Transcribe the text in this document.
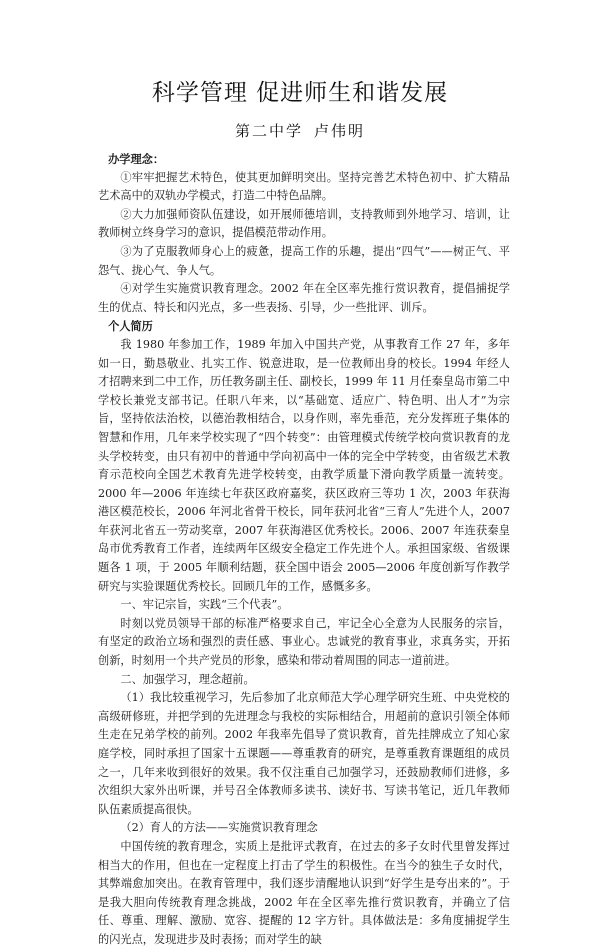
科学管理 促进师生和谐发展
第二中学 卢伟明

办学理念：

①牢牢把握艺术特色，使其更加鲜明突出。坚持完善艺术特色初中、扩大精品艺术高中的双轨办学模式，打造二中特色品牌。

②大力加强师资队伍建设，如开展师德培训，支持教师到外地学习、培训，让教师树立终身学习的意识，提倡模范带动作用。

③为了克服教师身心上的疲惫，提高工作的乐趣，提出“四气”——树正气、平怨气、拢心气、争人气。

④对学生实施赏识教育理念。2002 年在全区率先推行赏识教育，提倡捕捉学生的优点、特长和闪光点，多一些表扬、引导，少一些批评、训斥。

个人简历

我 1980 年参加工作，1989 年加入中国共产党，从事教育工作 27 年，多年如一日，勤恳敬业、扎实工作、锐意进取，是一位教师出身的校长。1994 年经人才招聘来到二中工作，历任教务副主任、副校长，1999 年 11 月任秦皇岛市第二中学校长兼党支部书记。任职八年来，以“基础宽、适应广、特色明、出人才”为宗旨，坚持依法治校，以德治教相结合，以身作则，率先垂范，充分发挥班子集体的智慧和作用，几年来学校实现了“四个转变”：由管理模式传统学校向赏识教育的龙头学校转变，由只有初中的普通中学向初高中一体的完全中学转变，由省级艺术教育示范校向全国艺术教育先进学校转变，由教学质量下滑向教学质量一流转变。2000 年—2006 年连续七年获区政府嘉奖，获区政府三等功 1 次，2003 年获海港区模范校长，2006 年河北省骨干校长，同年获河北省“三育人”先进个人，2007 年获河北省五一劳动奖章，2007 年获海港区优秀校长。2006、2007 年连获秦皇岛市优秀教育工作者，连续两年区级安全稳定工作先进个人。承担国家级、省级课题各 1 项，于 2005 年顺利结题，获全国中语会 2005—2006 年度创新写作教学研究与实验课题优秀校长。回顾几年的工作，感慨多多。

一、牢记宗旨，实践“三个代表”。

时刻以党员领导干部的标准严格要求自己，牢记全心全意为人民服务的宗旨，有坚定的政治立场和强烈的责任感、事业心。忠诚党的教育事业，求真务实，开拓创新，时刻用一个共产党员的形象，感染和带动着周围的同志一道前进。

二、加强学习，理念超前。

（1）我比较重视学习，先后参加了北京师范大学心理学研究生班、中央党校的高级研修班，并把学到的先进理念与我校的实际相结合，用超前的意识引领全体师生走在兄弟学校的前列。2002 年我率先倡导了赏识教育，首先挂牌成立了知心家庭学校，同时承担了国家十五课题——尊重教育的研究，是尊重教育课题组的成员之一，几年来收到很好的效果。我不仅注重自己加强学习，还鼓励教师们进修，多次组织大家外出听课，并号召全体教师多读书、读好书、写读书笔记，近几年教师队伍素质提高很快。

（2）育人的方法——实施赏识教育理念

中国传统的教育理念，实质上是批评式教育，在过去的多子女时代里曾发挥过相当大的作用，但也在一定程度上打击了学生的积极性。在当今的独生子女时代，其弊端愈加突出。在教育管理中，我们逐步清醒地认识到“好学生是夸出来的”。于是我大胆向传统教育理念挑战，2002 年在全区率先推行赏识教育，并确立了信任、尊重、理解、激励、宽容、提醒的 12 字方针。具体做法是：多角度捕捉学生的闪光点，发现进步及时表扬；而对学生的缺
